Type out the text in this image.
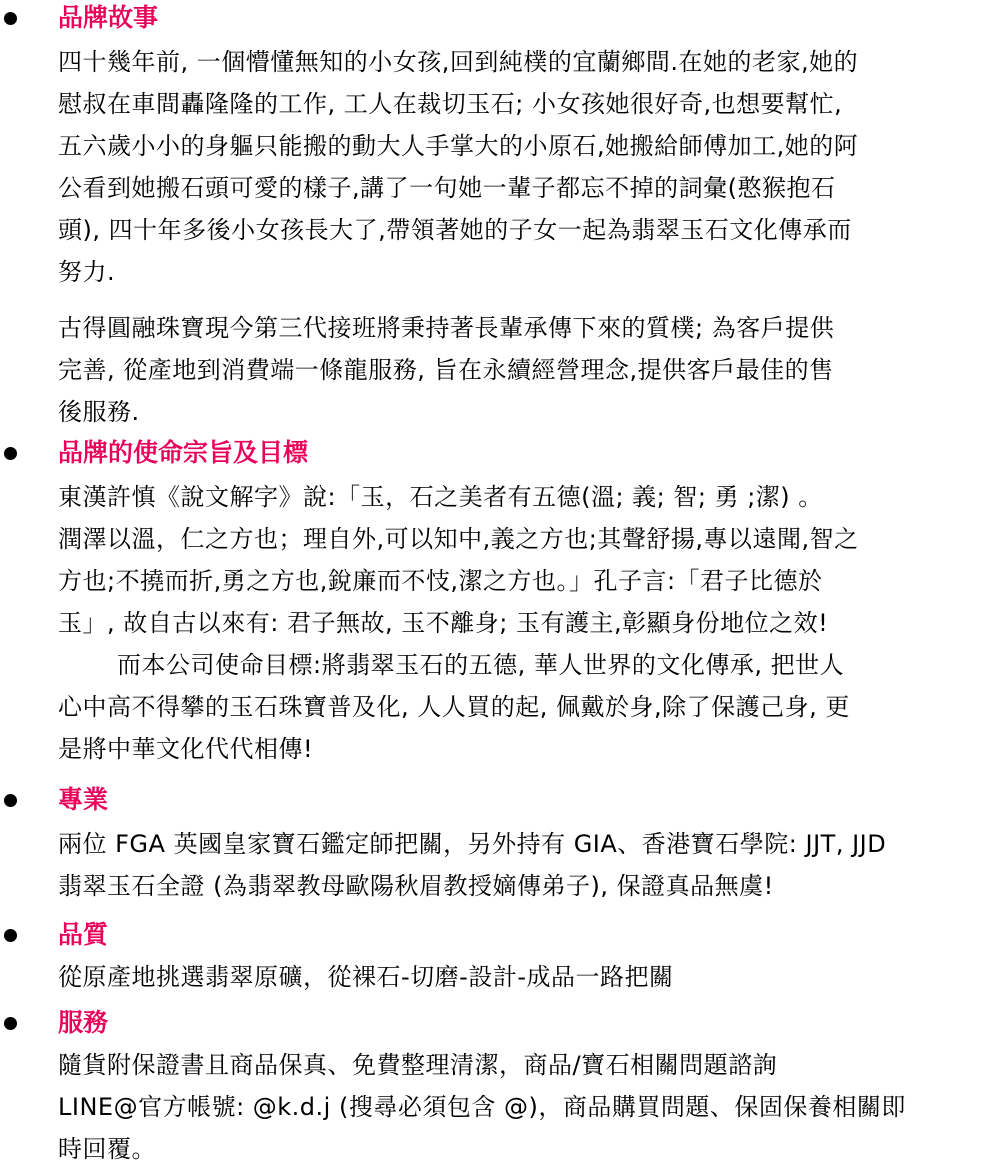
品牌故事
四十幾年前, 一個懵懂無知的小女孩,回到純樸的宜蘭鄉間.在她的老家,她的
慰叔在車間轟隆隆的工作, 工人在裁切玉石; 小女孩她很好奇,也想要幫忙,
五六歲小小的身軀只能搬的動大人手掌大的小原石,她搬給師傅加工,她的阿
公看到她搬石頭可愛的樣子,講了一句她一輩子都忘不掉的詞彙(憨猴抱石
頭), 四十年多後小女孩長大了,帶領著她的子女一起為翡翠玉石文化傳承而
努力.
古得圓融珠寶現今第三代接班將秉持著長輩承傳下來的質樸; 為客戶提供
完善, 從產地到消費端一條龍服務, 旨在永續經營理念,提供客戶最佳的售
後服務.
品牌的使命宗旨及目標
東漢許慎《說文解字》說:「玉，石之美者有五德(溫; 義; 智; 勇 ;潔) 。
潤澤以溫，仁之方也；理自外,可以知中,義之方也;其聲舒揚,專以遠聞,智之
方也;不撓而折,勇之方也,銳廉而不忮,潔之方也。」孔子言:「君子比德於
玉」, 故自古以來有: 君子無故, 玉不離身; 玉有護主,彰顯身份地位之效!
而本公司使命目標:將翡翠玉石的五德, 華人世界的文化傳承, 把世人
心中高不得攀的玉石珠寶普及化, 人人買的起, 佩戴於身,除了保護己身, 更
是將中華文化代代相傳!
專業
兩位 FGA 英國皇家寶石鑑定師把關，另外持有 GIA、香港寶石學院: JJT, JJD
翡翠玉石全證 (為翡翠教母歐陽秋眉教授嫡傳弟子), 保證真品無虞!
品質
從原產地挑選翡翠原礦，從裸石-切磨-設計-成品一路把關
服務
隨貨附保證書且商品保真、免費整理清潔，商品/寶石相關問題諮詢
LINE@官方帳號: @k.d.j (搜尋必須包含 @)，商品購買問題、保固保養相關即
時回覆。
